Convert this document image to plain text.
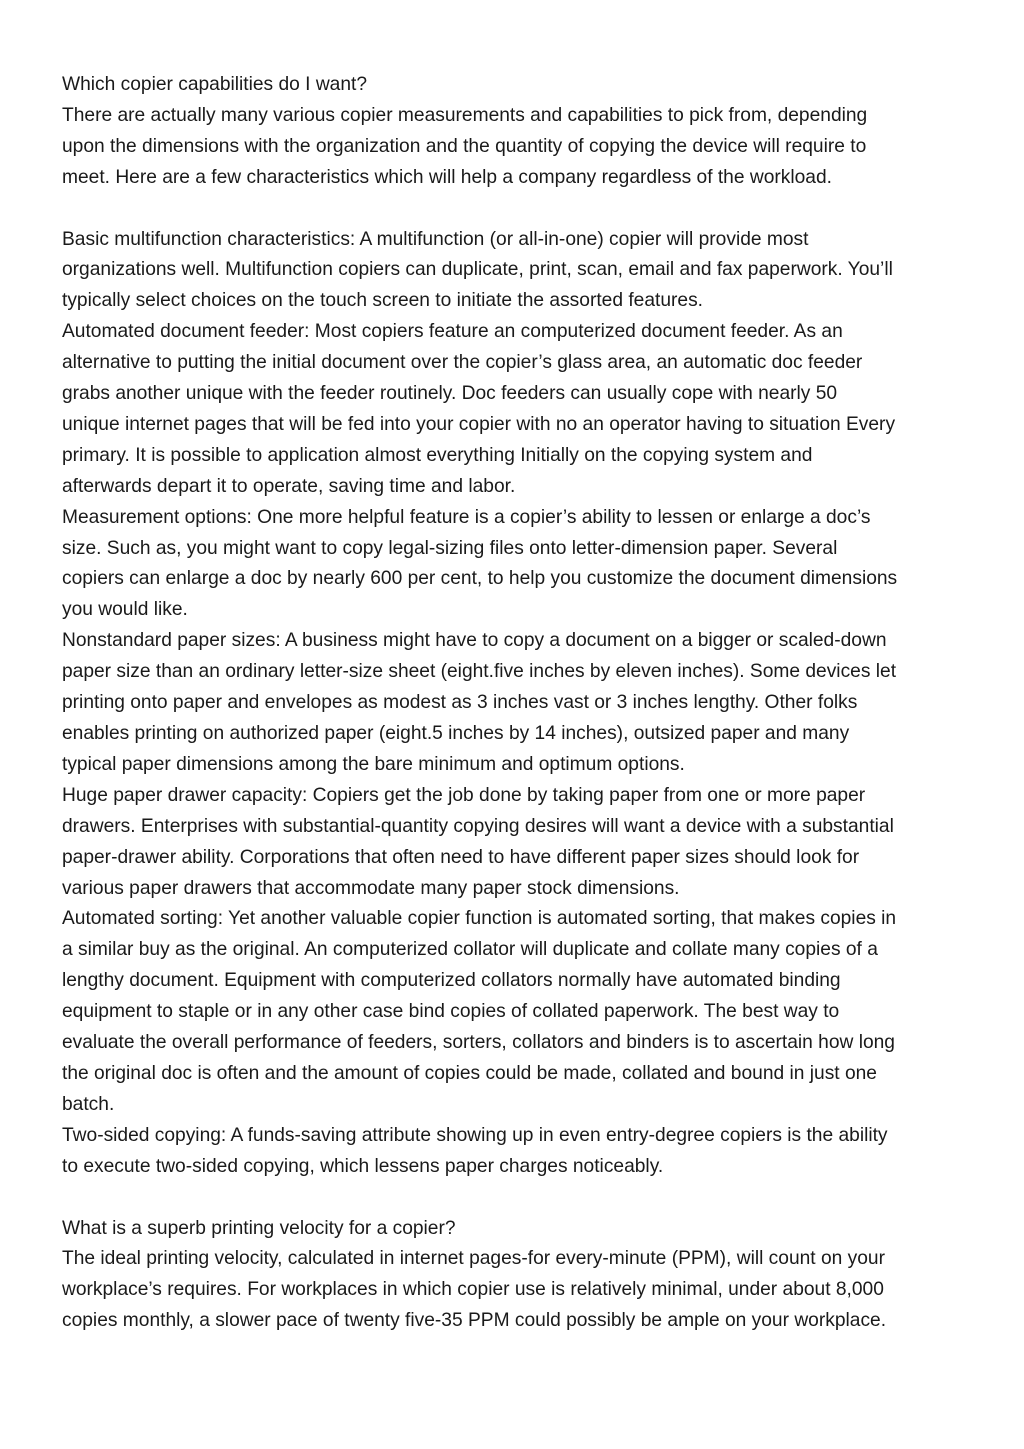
Which copier capabilities do I want?
There are actually many various copier measurements and capabilities to pick from, depending
upon the dimensions with the organization and the quantity of copying the device will require to
meet. Here are a few characteristics which will help a company regardless of the workload.
Basic multifunction characteristics: A multifunction (or all-in-one) copier will provide most
organizations well. Multifunction copiers can duplicate, print, scan, email and fax paperwork. You’ll
typically select choices on the touch screen to initiate the assorted features.
Automated document feeder: Most copiers feature an computerized document feeder. As an
alternative to putting the initial document over the copier’s glass area, an automatic doc feeder
grabs another unique with the feeder routinely. Doc feeders can usually cope with nearly 50
unique internet pages that will be fed into your copier with no an operator having to situation Every
primary. It is possible to application almost everything Initially on the copying system and
afterwards depart it to operate, saving time and labor.
Measurement options: One more helpful feature is a copier’s ability to lessen or enlarge a doc’s
size. Such as, you might want to copy legal-sizing files onto letter-dimension paper. Several
copiers can enlarge a doc by nearly 600 per cent, to help you customize the document dimensions
you would like.
Nonstandard paper sizes: A business might have to copy a document on a bigger or scaled-down
paper size than an ordinary letter-size sheet (eight.five inches by eleven inches). Some devices let
printing onto paper and envelopes as modest as 3 inches vast or 3 inches lengthy. Other folks
enables printing on authorized paper (eight.5 inches by 14 inches), outsized paper and many
typical paper dimensions among the bare minimum and optimum options.
Huge paper drawer capacity: Copiers get the job done by taking paper from one or more paper
drawers. Enterprises with substantial-quantity copying desires will want a device with a substantial
paper-drawer ability. Corporations that often need to have different paper sizes should look for
various paper drawers that accommodate many paper stock dimensions.
Automated sorting: Yet another valuable copier function is automated sorting, that makes copies in
a similar buy as the original. An computerized collator will duplicate and collate many copies of a
lengthy document. Equipment with computerized collators normally have automated binding
equipment to staple or in any other case bind copies of collated paperwork. The best way to
evaluate the overall performance of feeders, sorters, collators and binders is to ascertain how long
the original doc is often and the amount of copies could be made, collated and bound in just one
batch.
Two-sided copying: A funds-saving attribute showing up in even entry-degree copiers is the ability
to execute two-sided copying, which lessens paper charges noticeably.
What is a superb printing velocity for a copier?
The ideal printing velocity, calculated in internet pages-for every-minute (PPM), will count on your
workplace’s requires. For workplaces in which copier use is relatively minimal, under about 8,000
copies monthly, a slower pace of twenty five-35 PPM could possibly be ample on your workplace.
